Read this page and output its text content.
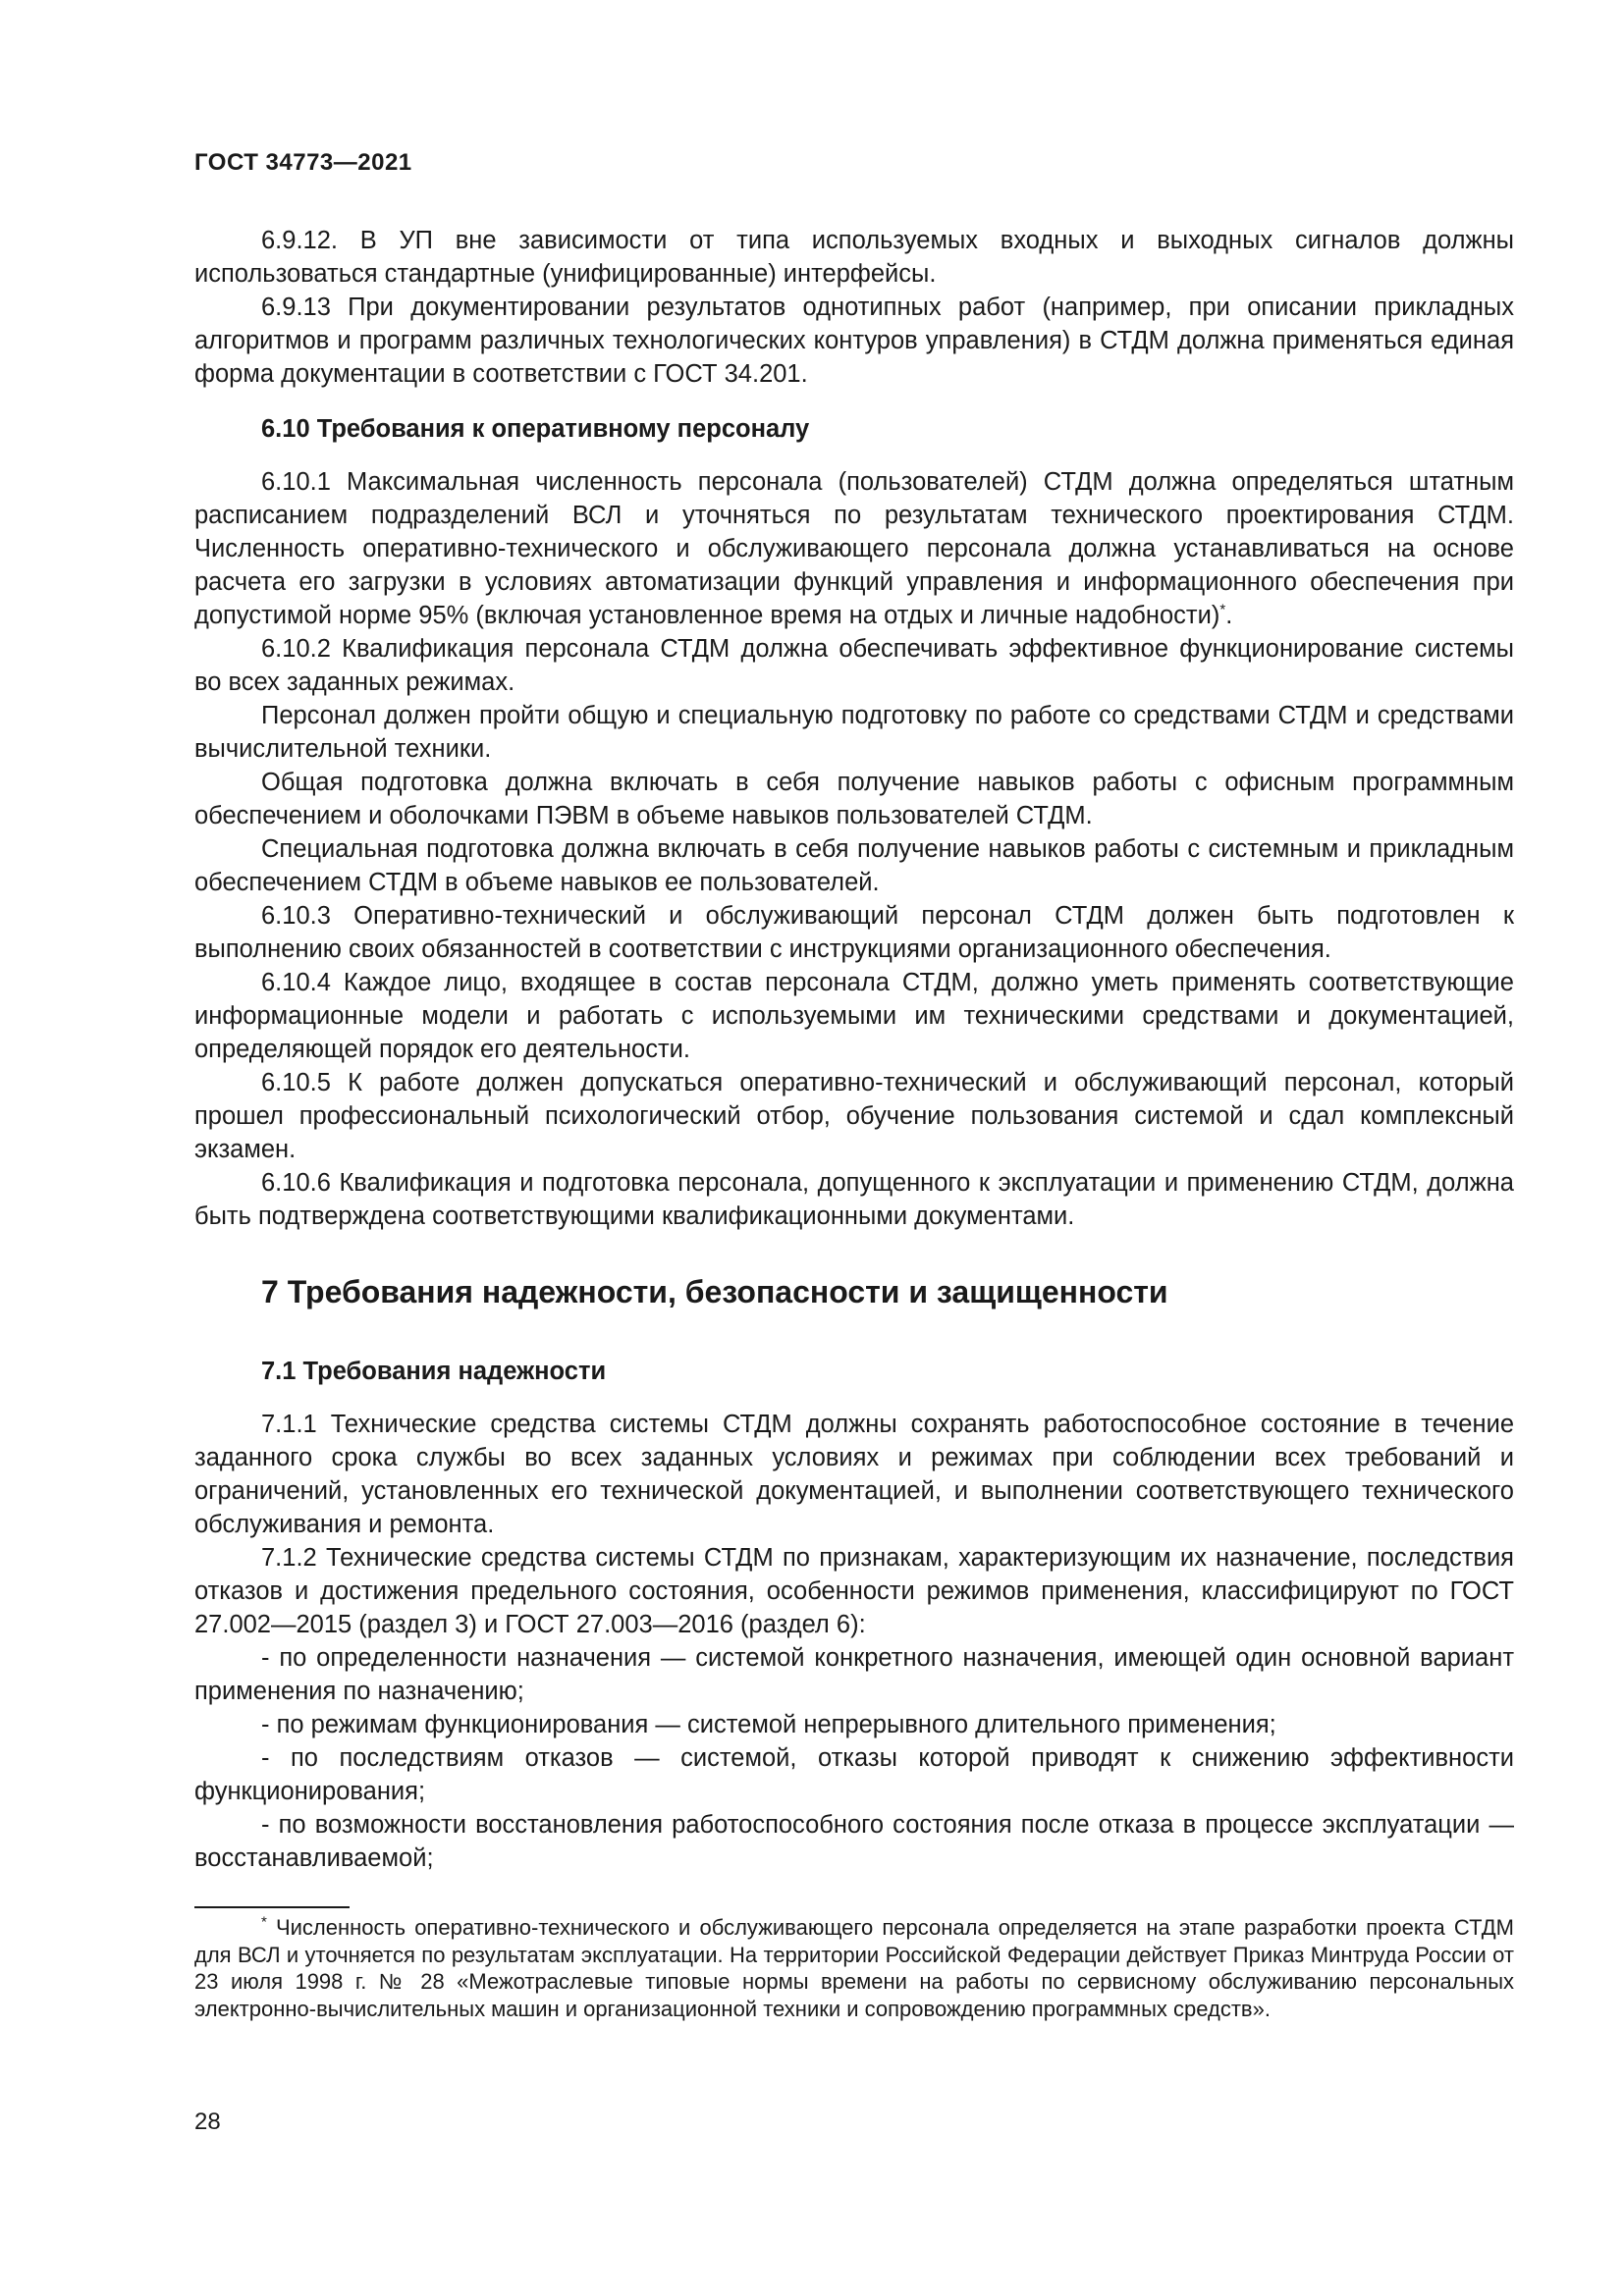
ГОСТ 34773—2021

6.9.12. В УП вне зависимости от типа используемых входных и выходных сигналов должны использоваться стандартные (унифицированные) интерфейсы.

6.9.13 При документировании результатов однотипных работ (например, при описании прикладных алгоритмов и программ различных технологических контуров управления) в СТДМ должна применяться единая форма документации в соответствии с ГОСТ 34.201.

6.10 Требования к оперативному персоналу

6.10.1 Максимальная численность персонала (пользователей) СТДМ должна определяться штатным расписанием подразделений ВСЛ и уточняться по результатам технического проектирования СТДМ. Численность оперативно-технического и обслуживающего персонала должна устанавливаться на основе расчета его загрузки в условиях автоматизации функций управления и информационного обеспечения при допустимой норме 95% (включая установленное время на отдых и личные надобности)*.

6.10.2 Квалификация персонала СТДМ должна обеспечивать эффективное функционирование системы во всех заданных режимах.

Персонал должен пройти общую и специальную подготовку по работе со средствами СТДМ и средствами вычислительной техники.

Общая подготовка должна включать в себя получение навыков работы с офисным программным обеспечением и оболочками ПЭВМ в объеме навыков пользователей СТДМ.

Специальная подготовка должна включать в себя получение навыков работы с системным и прикладным обеспечением СТДМ в объеме навыков ее пользователей.

6.10.3 Оперативно-технический и обслуживающий персонал СТДМ должен быть подготовлен к выполнению своих обязанностей в соответствии с инструкциями организационного обеспечения.

6.10.4 Каждое лицо, входящее в состав персонала СТДМ, должно уметь применять соответствующие информационные модели и работать с используемыми им техническими средствами и документацией, определяющей порядок его деятельности.

6.10.5 К работе должен допускаться оперативно-технический и обслуживающий персонал, который прошел профессиональный психологический отбор, обучение пользования системой и сдал комплексный экзамен.

6.10.6 Квалификация и подготовка персонала, допущенного к эксплуатации и применению СТДМ, должна быть подтверждена соответствующими квалификационными документами.

7 Требования надежности, безопасности и защищенности
7.1 Требования надежности

7.1.1 Технические средства системы СТДМ должны сохранять работоспособное состояние в течение заданного срока службы во всех заданных условиях и режимах при соблюдении всех требований и ограничений, установленных его технической документацией, и выполнении соответствующего технического обслуживания и ремонта.

7.1.2 Технические средства системы СТДМ по признакам, характеризующим их назначение, последствия отказов и достижения предельного состояния, особенности режимов применения, классифицируют по ГОСТ 27.002—2015 (раздел 3) и ГОСТ 27.003—2016 (раздел 6):

- по определенности назначения — системой конкретного назначения, имеющей один основной вариант применения по назначению;

- по режимам функционирования — системой непрерывного длительного применения;

- по последствиям отказов — системой, отказы которой приводят к снижению эффективности функционирования;

- по возможности восстановления работоспособного состояния после отказа в процессе эксплуатации — восстанавливаемой;

* Численность оперативно-технического и обслуживающего персонала определяется на этапе разработки проекта СТДМ для ВСЛ и уточняется по результатам эксплуатации. На территории Российской Федерации действует Приказ Минтруда России от 23 июля 1998 г. № 28 «Межотраслевые типовые нормы времени на работы по сервисному обслуживанию персональных электронно-вычислительных машин и организационной техники и сопровождению программных средств».

28
